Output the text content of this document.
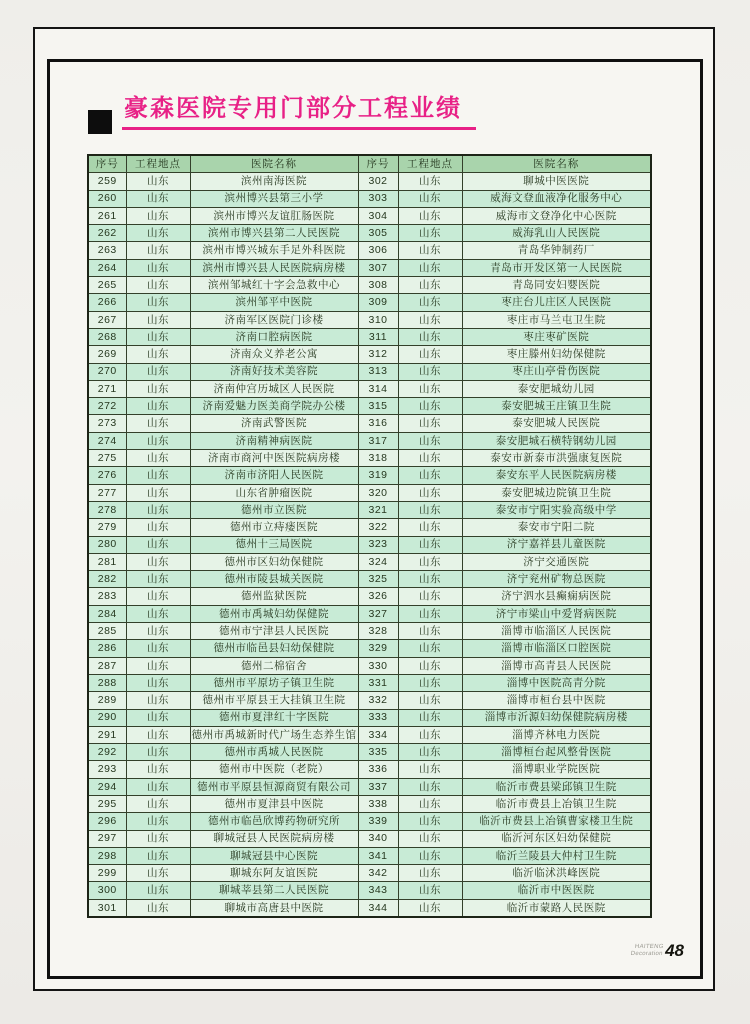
豪森医院专用门部分工程业绩
序号	工程地点	医院名称	序号	工程地点	医院名称
259	山东	滨州南海医院	302	山东	聊城中医医院
260	山东	滨州博兴县第三小学	303	山东	威海文登血液净化服务中心
261	山东	滨州市博兴友谊肛肠医院	304	山东	威海市文登净化中心医院
262	山东	滨州市博兴县第二人民医院	305	山东	威海乳山人民医院
263	山东	滨州市博兴城东手足外科医院	306	山东	青岛华钟制药厂
264	山东	滨州市博兴县人民医院病房楼	307	山东	青岛市开发区第一人民医院
265	山东	滨州邹城红十字会急救中心	308	山东	青岛同安妇婴医院
266	山东	滨州邹平中医院	309	山东	枣庄台儿庄区人民医院
267	山东	济南军区医院门诊楼	310	山东	枣庄市马兰屯卫生院
268	山东	济南口腔病医院	311	山东	枣庄枣矿医院
269	山东	济南众义养老公寓	312	山东	枣庄滕州妇幼保健院
270	山东	济南好技术美容院	313	山东	枣庄山亭骨伤医院
271	山东	济南仲宫历城区人民医院	314	山东	泰安肥城幼儿园
272	山东	济南爱魅力医美商学院办公楼	315	山东	泰安肥城王庄镇卫生院
273	山东	济南武警医院	316	山东	泰安肥城人民医院
274	山东	济南精神病医院	317	山东	泰安肥城石横特钢幼儿园
275	山东	济南市商河中医医院病房楼	318	山东	泰安市新泰市洪强康复医院
276	山东	济南市济阳人民医院	319	山东	泰安东平人民医院病房楼
277	山东	山东省肿瘤医院	320	山东	泰安肥城边院镇卫生院
278	山东	德州市立医院	321	山东	泰安市宁阳实验高级中学
279	山东	德州市立痔瘘医院	322	山东	泰安市宁阳二院
280	山东	德州十三局医院	323	山东	济宁嘉祥县儿童医院
281	山东	德州市区妇幼保健院	324	山东	济宁交通医院
282	山东	德州市陵县城关医院	325	山东	济宁兖州矿物总医院
283	山东	德州监狱医院	326	山东	济宁泗水县癫痫病医院
284	山东	德州市禹城妇幼保健院	327	山东	济宁市梁山中爱肾病医院
285	山东	德州市宁津县人民医院	328	山东	淄博市临淄区人民医院
286	山东	德州市临邑县妇幼保健院	329	山东	淄博市临淄区口腔医院
287	山东	德州二棉宿舍	330	山东	淄博市高青县人民医院
288	山东	德州市平原坊子镇卫生院	331	山东	淄博中医院高青分院
289	山东	德州市平原县王大挂镇卫生院	332	山东	淄博市桓台县中医院
290	山东	德州市夏津红十字医院	333	山东	淄博市沂源妇幼保健院病房楼
291	山东	德州市禹城新时代广场生态养生馆	334	山东	淄博齐林电力医院
292	山东	德州市禹城人民医院	335	山东	淄博桓台起风整骨医院
293	山东	德州市中医院（老院）	336	山东	淄博职业学院医院
294	山东	德州市平原县恒源商贸有限公司	337	山东	临沂市费县梁邱镇卫生院
295	山东	德州市夏津县中医院	338	山东	临沂市费县上冶镇卫生院
296	山东	德州市临邑欣博药物研究所	339	山东	临沂市费县上冶镇曹家楼卫生院
297	山东	聊城冠县人民医院病房楼	340	山东	临沂河东区妇幼保健院
298	山东	聊城冠县中心医院	341	山东	临沂兰陵县大仲村卫生院
299	山东	聊城东阿友谊医院	342	山东	临沂临沭洪峰医院
300	山东	聊城莘县第二人民医院	343	山东	临沂市中医医院
301	山东	聊城市高唐县中医院	344	山东	临沂市蒙路人民医院
HAITENG
Decoration 48
